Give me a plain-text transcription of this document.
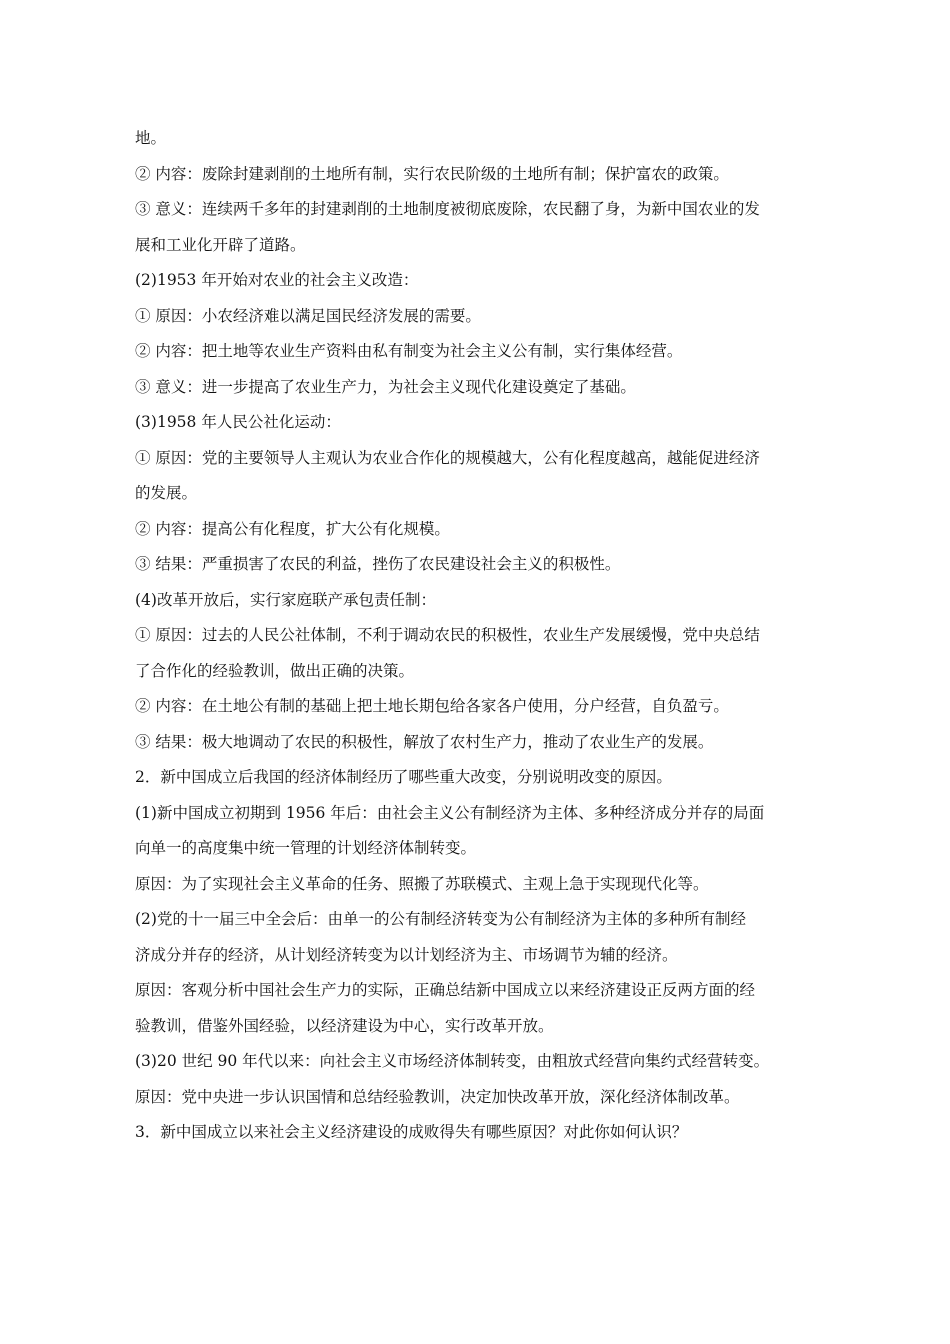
地。
② 内容：废除封建剥削的土地所有制，实行农民阶级的土地所有制；保护富农的政策。
③ 意义：连续两千多年的封建剥削的土地制度被彻底废除，农民翻了身，为新中国农业的发
展和工业化开辟了道路。
(2)1953 年开始对农业的社会主义改造：
① 原因：小农经济难以满足国民经济发展的需要。
② 内容：把土地等农业生产资料由私有制变为社会主义公有制，实行集体经营。
③ 意义：进一步提高了农业生产力，为社会主义现代化建设奠定了基础。
(3)1958 年人民公社化运动：
① 原因：党的主要领导人主观认为农业合作化的规模越大，公有化程度越高，越能促进经济
的发展。
② 内容：提高公有化程度，扩大公有化规模。
③ 结果：严重损害了农民的利益，挫伤了农民建设社会主义的积极性。
(4)改革开放后，实行家庭联产承包责任制：
① 原因：过去的人民公社体制，不利于调动农民的积极性，农业生产发展缓慢，党中央总结
了合作化的经验教训，做出正确的决策。
② 内容：在土地公有制的基础上把土地长期包给各家各户使用，分户经营，自负盈亏。
③ 结果：极大地调动了农民的积极性，解放了农村生产力，推动了农业生产的发展。
2．新中国成立后我国的经济体制经历了哪些重大改变，分别说明改变的原因。
(1)新中国成立初期到 1956 年后：由社会主义公有制经济为主体、多种经济成分并存的局面
向单一的高度集中统一管理的计划经济体制转变。
原因：为了实现社会主义革命的任务、照搬了苏联模式、主观上急于实现现代化等。
(2)党的十一届三中全会后：由单一的公有制经济转变为公有制经济为主体的多种所有制经
济成分并存的经济，从计划经济转变为以计划经济为主、市场调节为辅的经济。
原因：客观分析中国社会生产力的实际，正确总结新中国成立以来经济建设正反两方面的经
验教训，借鉴外国经验，以经济建设为中心，实行改革开放。
(3)20 世纪 90 年代以来：向社会主义市场经济体制转变，由粗放式经营向集约式经营转变。
原因：党中央进一步认识国情和总结经验教训，决定加快改革开放，深化经济体制改革。
3．新中国成立以来社会主义经济建设的成败得失有哪些原因？对此你如何认识？
